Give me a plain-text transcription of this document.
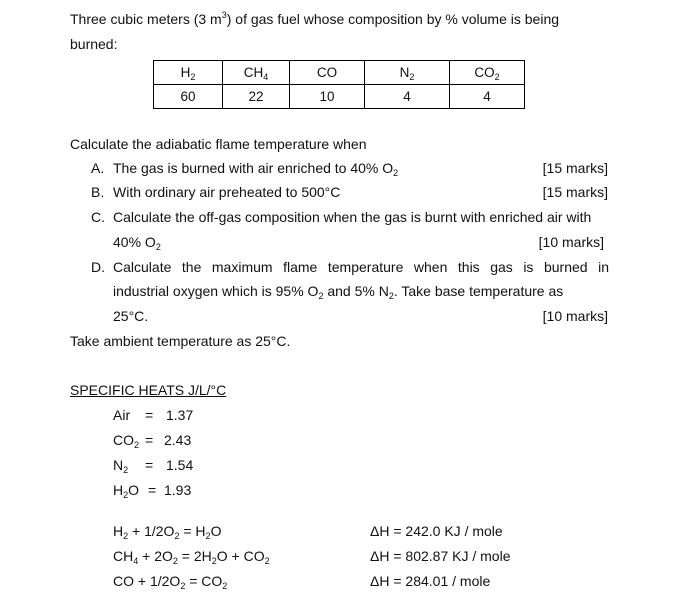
Three cubic meters (3 $m^3$) of gas fuel whose composition by % volume is being
burned:
$H_2$	$CH_4$	CO	$N_2$	$CO_2$
60	22	10	4	4
Calculate the adiabatic flame temperature when
A. The gas is burned with air enriched to 40% $O_2$	[15 marks]
B. With ordinary air preheated to 500°C	[15 marks]
C. Calculate the off-gas composition when the gas is burnt with enriched air with
40% $O_2$	[10 marks]
D. Calculate the maximum flame temperature when this gas is burned in
industrial oxygen which is 95% $O_2$ and 5% $N_2$. Take base temperature as
25°C.	[10 marks]
Take ambient temperature as 25°C.
SPECIFIC HEATS J/L/°C
Air = 1.37
$CO_2 = 2.43$
$N_2 = 1.54$
$H_2O = 1.93$
$H_2 + 1/2O_2 = H_2O$	ΔH = 242.0 KJ / mole
$CH_4 + 2O_2 = 2H_2O + CO_2$	ΔH = 802.87 KJ / mole
CO + $1/2O_2 = CO_2$	ΔH = 284.01 / mole
